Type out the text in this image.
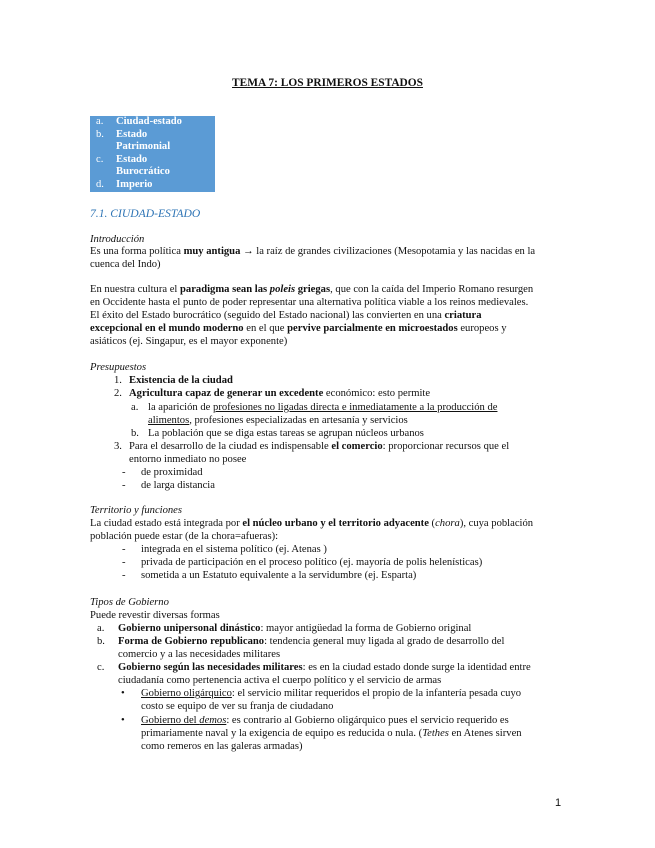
TEMA 7: LOS PRIMEROS ESTADOS
a. Ciudad-estado
b. Estado
Patrimonial
c. Estado
Burocrático
d. Imperio
7.1. CIUDAD-ESTADO
Introducción
Es una forma política muy antigua → la raíz de grandes civilizaciones (Mesopotamia y las nacidas en la
cuenca del Indo)
En nuestra cultura el paradigma sean las poleis griegas, que con la caída del Imperio Romano resurgen
en Occidente hasta el punto de poder representar una alternativa política viable a los reinos medievales.
El éxito del Estado burocrático (seguido del Estado nacional) las convierten en una criatura
excepcional en el mundo moderno en el que pervive parcialmente en microestados europeos y
asiáticos (ej. Singapur, es el mayor exponente)
Presupuestos
1. Existencia de la ciudad
2. Agricultura capaz de generar un excedente económico: esto permite
a. la aparición de profesiones no ligadas directa e inmediatamente a la producción de
alimentos, profesiones especializadas en artesanía y servicios
b. La población que se diga estas tareas se agrupan núcleos urbanos
3. Para el desarrollo de la ciudad es indispensable el comercio: proporcionar recursos que el
entorno inmediato no posee
- de proximidad
- de larga distancia
Territorio y funciones
La ciudad estado está integrada por el núcleo urbano y el territorio adyacente (chora), cuya población
población puede estar (de la chora=afueras):
- integrada en el sistema político (ej. Atenas )
- privada de participación en el proceso político (ej. mayoría de polis helenísticas)
- sometida a un Estatuto equivalente a la servidumbre (ej. Esparta)
Tipos de Gobierno
Puede revestir diversas formas
a. Gobierno unipersonal dinástico: mayor antigüedad la forma de Gobierno original
b. Forma de Gobierno republicano: tendencia general muy ligada al grado de desarrollo del
comercio y a las necesidades militares
c. Gobierno según las necesidades militares: es en la ciudad estado donde surge la identidad entre
ciudadanía como pertenencia activa el cuerpo político y el servicio de armas
• Gobierno oligárquico: el servicio militar requeridos el propio de la infantería pesada cuyo
costo se equipo de ver su franja de ciudadano
• Gobierno del demos: es contrario al Gobierno oligárquico pues el servicio requerido es
primariamente naval y la exigencia de equipo es reducida o nula. (Tethes en Atenes sirven
como remeros en las galeras armadas)
1
